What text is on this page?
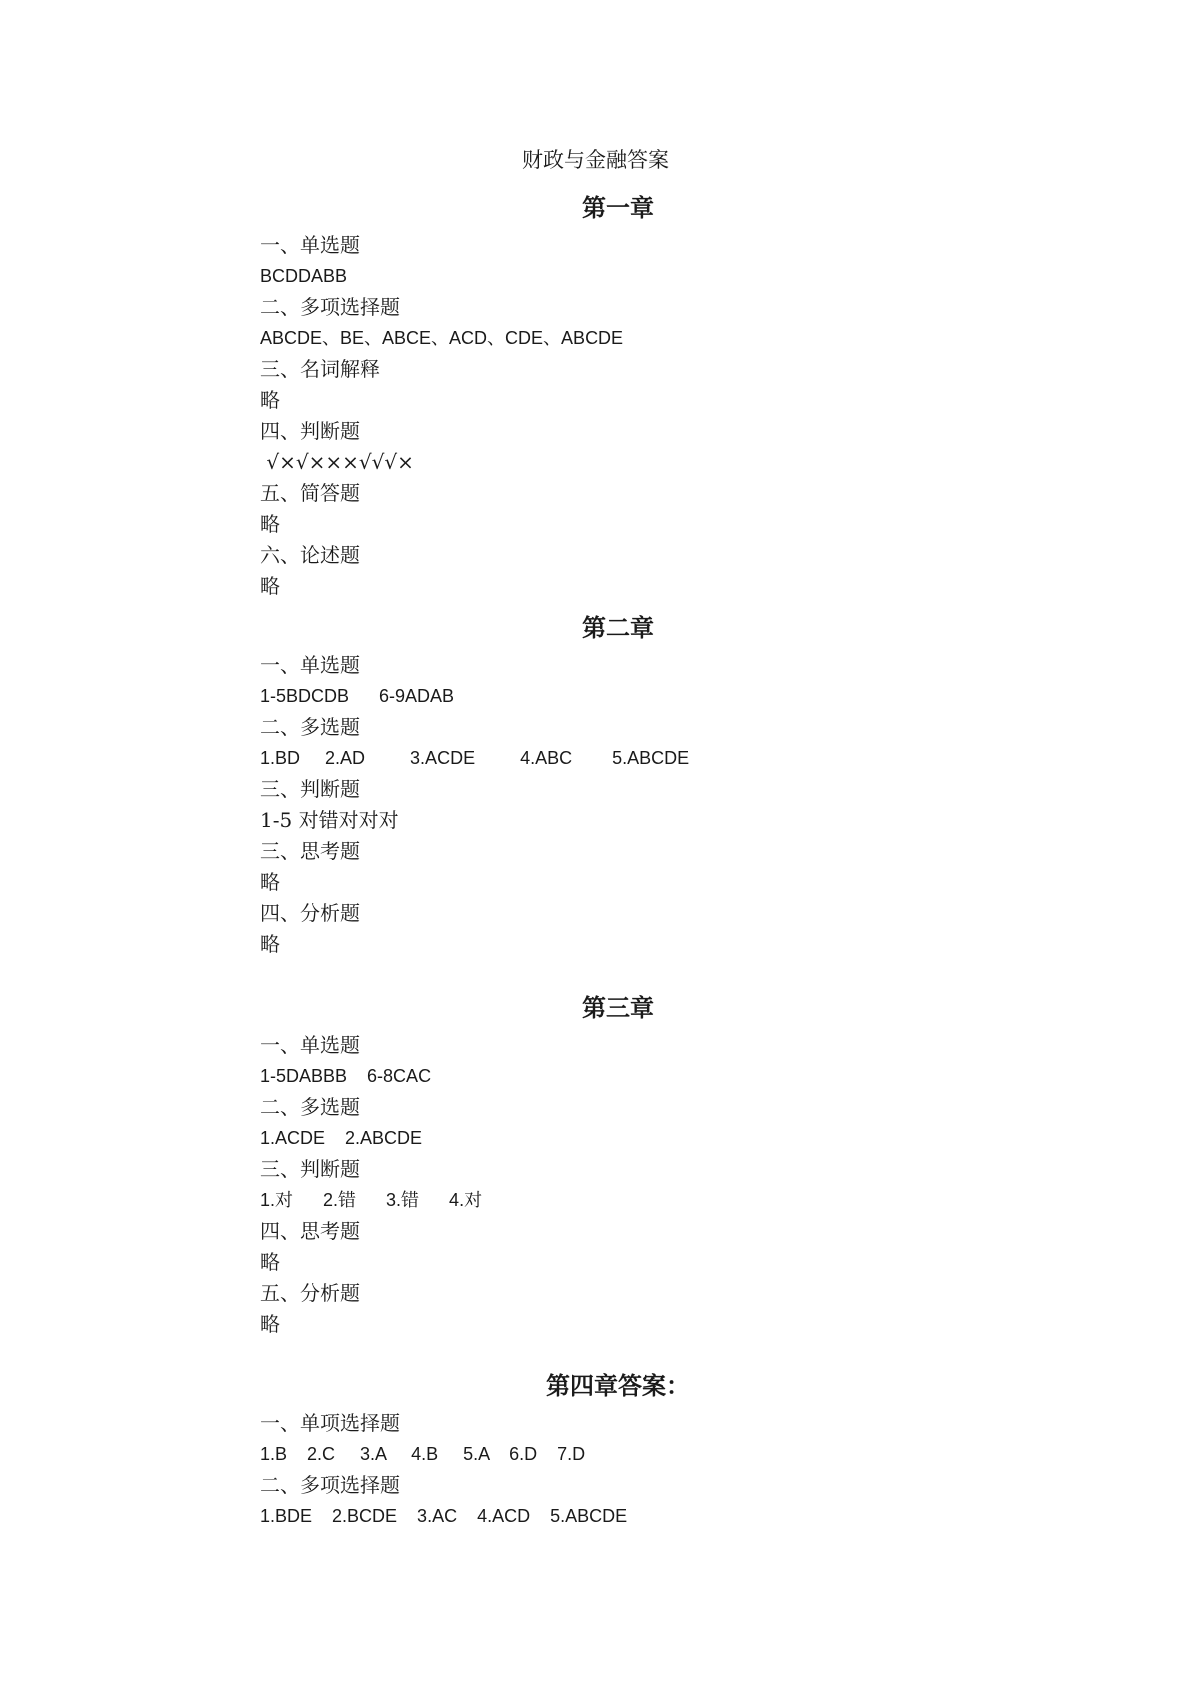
财政与金融答案
第一章
一、单选题
BCDDABB
二、多项选择题
ABCDE、BE、ABCE、ACD、CDE、ABCDE
三、名词解释
略
四、判断题
√×√×××√√√×
五、简答题
略
六、论述题
略
第二章
一、单选题
1-5BDCDB      6-9ADAB
二、多选题
1.BD     2.AD         3.ACDE         4.ABC        5.ABCDE
三、判断题
1-5 对错对对对
三、思考题
略
四、分析题
略
第三章
一、单选题
1-5DABBB    6-8CAC
二、多选题
1.ACDE    2.ABCDE
三、判断题
1.对      2.错      3.错      4.对
四、思考题
略
五、分析题
略
第四章答案：
一、单项选择题
1.B    2.C     3.A     4.B     5.A    6.D    7.D
二、多项选择题
1.BDE    2.BCDE    3.AC    4.ACD    5.ABCDE
